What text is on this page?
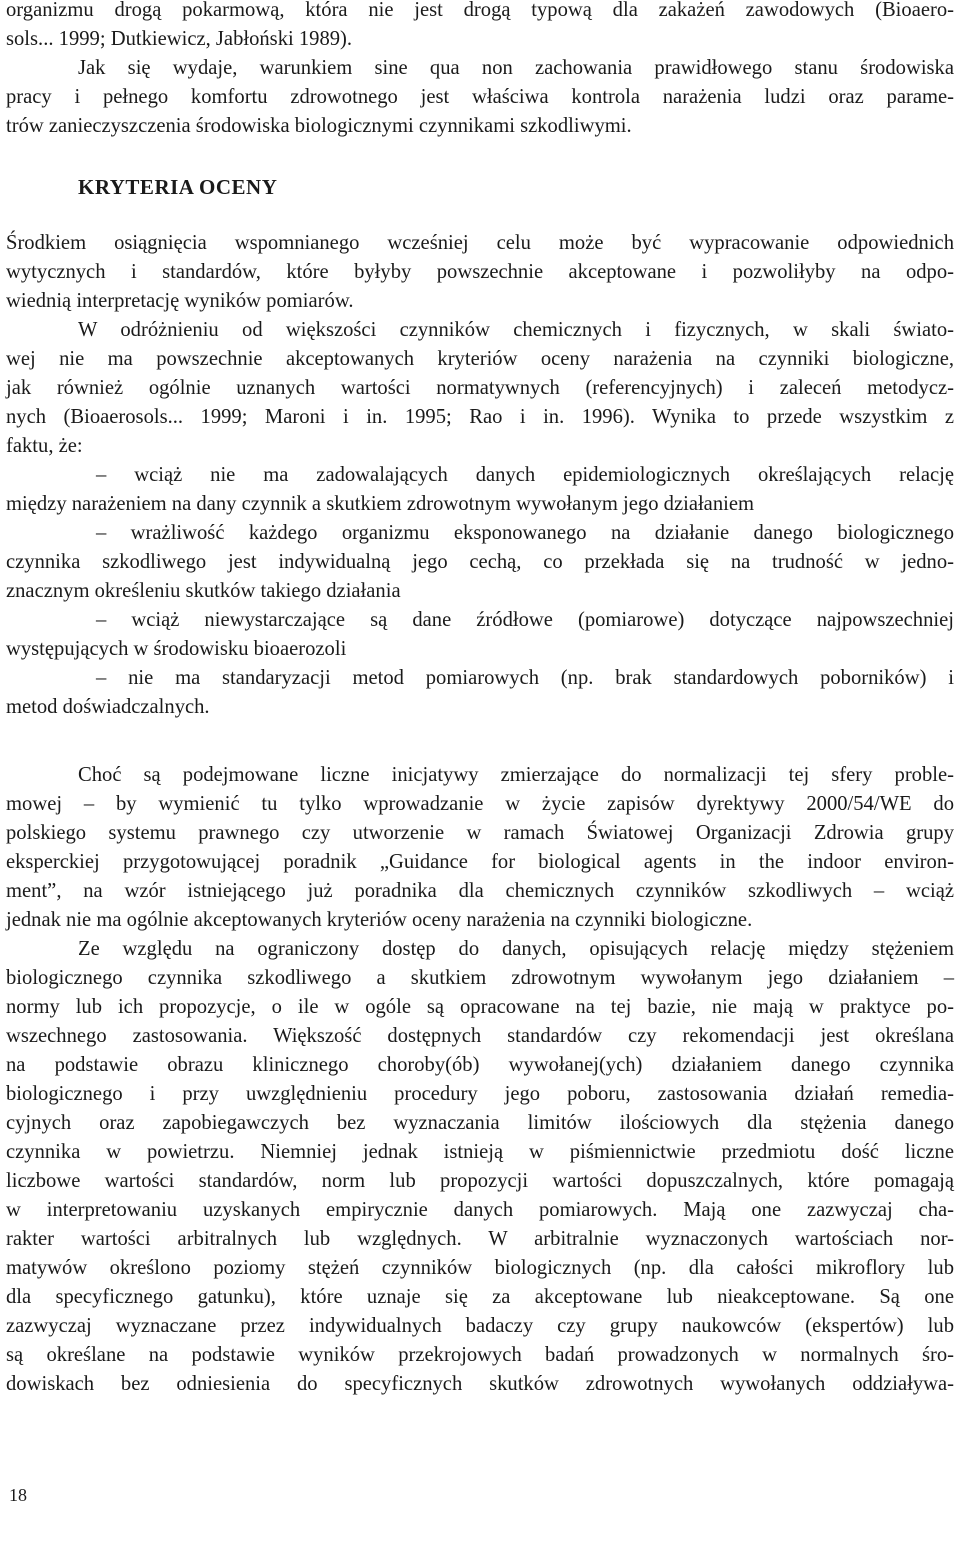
organizmu drogą pokarmową, która nie jest drogą typową dla zakażeń zawodowych (Bioaero-
sols... 1999; Dutkiewicz, Jabłoński 1989).
Jak się wydaje, warunkiem sine qua non zachowania prawidłowego stanu środowiska
pracy i pełnego komfortu zdrowotnego jest właściwa kontrola narażenia ludzi oraz parame-
trów zanieczyszczenia środowiska biologicznymi czynnikami szkodliwymi.
KRYTERIA OCENY
Środkiem osiągnięcia wspomnianego wcześniej celu może być wypracowanie odpowiednich
wytycznych i standardów, które byłyby powszechnie akceptowane i pozwoliłyby na odpo-
wiednią interpretację wyników pomiarów.
W odróżnieniu od większości czynników chemicznych i fizycznych, w skali świato-
wej nie ma powszechnie akceptowanych kryteriów oceny narażenia na czynniki biologiczne,
jak również ogólnie uznanych wartości normatywnych (referencyjnych) i zaleceń metodycz-
nych (Bioaerosols... 1999; Maroni i in. 1995; Rao i in. 1996). Wynika to przede wszystkim z
faktu, że:
– wciąż nie ma zadowalających danych epidemiologicznych określających relację
między narażeniem na dany czynnik a skutkiem zdrowotnym wywołanym jego działaniem
– wrażliwość każdego organizmu eksponowanego na działanie danego biologicznego
czynnika szkodliwego jest indywidualną jego cechą, co przekłada się na trudność w jedno-
znacznym określeniu skutków takiego działania
– wciąż niewystarczające są dane źródłowe (pomiarowe) dotyczące najpowszechniej
występujących w środowisku bioaerozoli
– nie ma standaryzacji metod pomiarowych (np. brak standardowych poborników) i
metod doświadczalnych.
Choć są podejmowane liczne inicjatywy zmierzające do normalizacji tej sfery proble-
mowej – by wymienić tu tylko wprowadzanie w życie zapisów dyrektywy 2000/54/WE do
polskiego systemu prawnego czy utworzenie w ramach Światowej Organizacji Zdrowia grupy
eksperckiej przygotowującej poradnik „Guidance for biological agents in the indoor environ-
ment”, na wzór istniejącego już poradnika dla chemicznych czynników szkodliwych – wciąż
jednak nie ma ogólnie akceptowanych kryteriów oceny narażenia na czynniki biologiczne.
Ze względu na ograniczony dostęp do danych, opisujących relację między stężeniem
biologicznego czynnika szkodliwego a skutkiem zdrowotnym wywołanym jego działaniem –
normy lub ich propozycje, o ile w ogóle są opracowane na tej bazie, nie mają w praktyce po-
wszechnego zastosowania. Większość dostępnych standardów czy rekomendacji jest określana
na podstawie obrazu klinicznego choroby(ób) wywołanej(ych) działaniem danego czynnika
biologicznego i przy uwzględnieniu procedury jego poboru, zastosowania działań remedia-
cyjnych oraz zapobiegawczych bez wyznaczania limitów ilościowych dla stężenia danego
czynnika w powietrzu. Niemniej jednak istnieją w piśmiennictwie przedmiotu dość liczne
liczbowe wartości standardów, norm lub propozycji wartości dopuszczalnych, które pomagają
w interpretowaniu uzyskanych empirycznie danych pomiarowych. Mają one zazwyczaj cha-
rakter wartości arbitralnych lub względnych. W arbitralnie wyznaczonych wartościach nor-
matywów określono poziomy stężeń czynników biologicznych (np. dla całości mikroflory lub
dla specyficznego gatunku), które uznaje się za akceptowane lub nieakceptowane. Są one
zazwyczaj wyznaczane przez indywidualnych badaczy czy grupy naukowców (ekspertów) lub
są określane na podstawie wyników przekrojowych badań prowadzonych w normalnych śro-
dowiskach bez odniesienia do specyficznych skutków zdrowotnych wywołanych oddziaływa-
18
